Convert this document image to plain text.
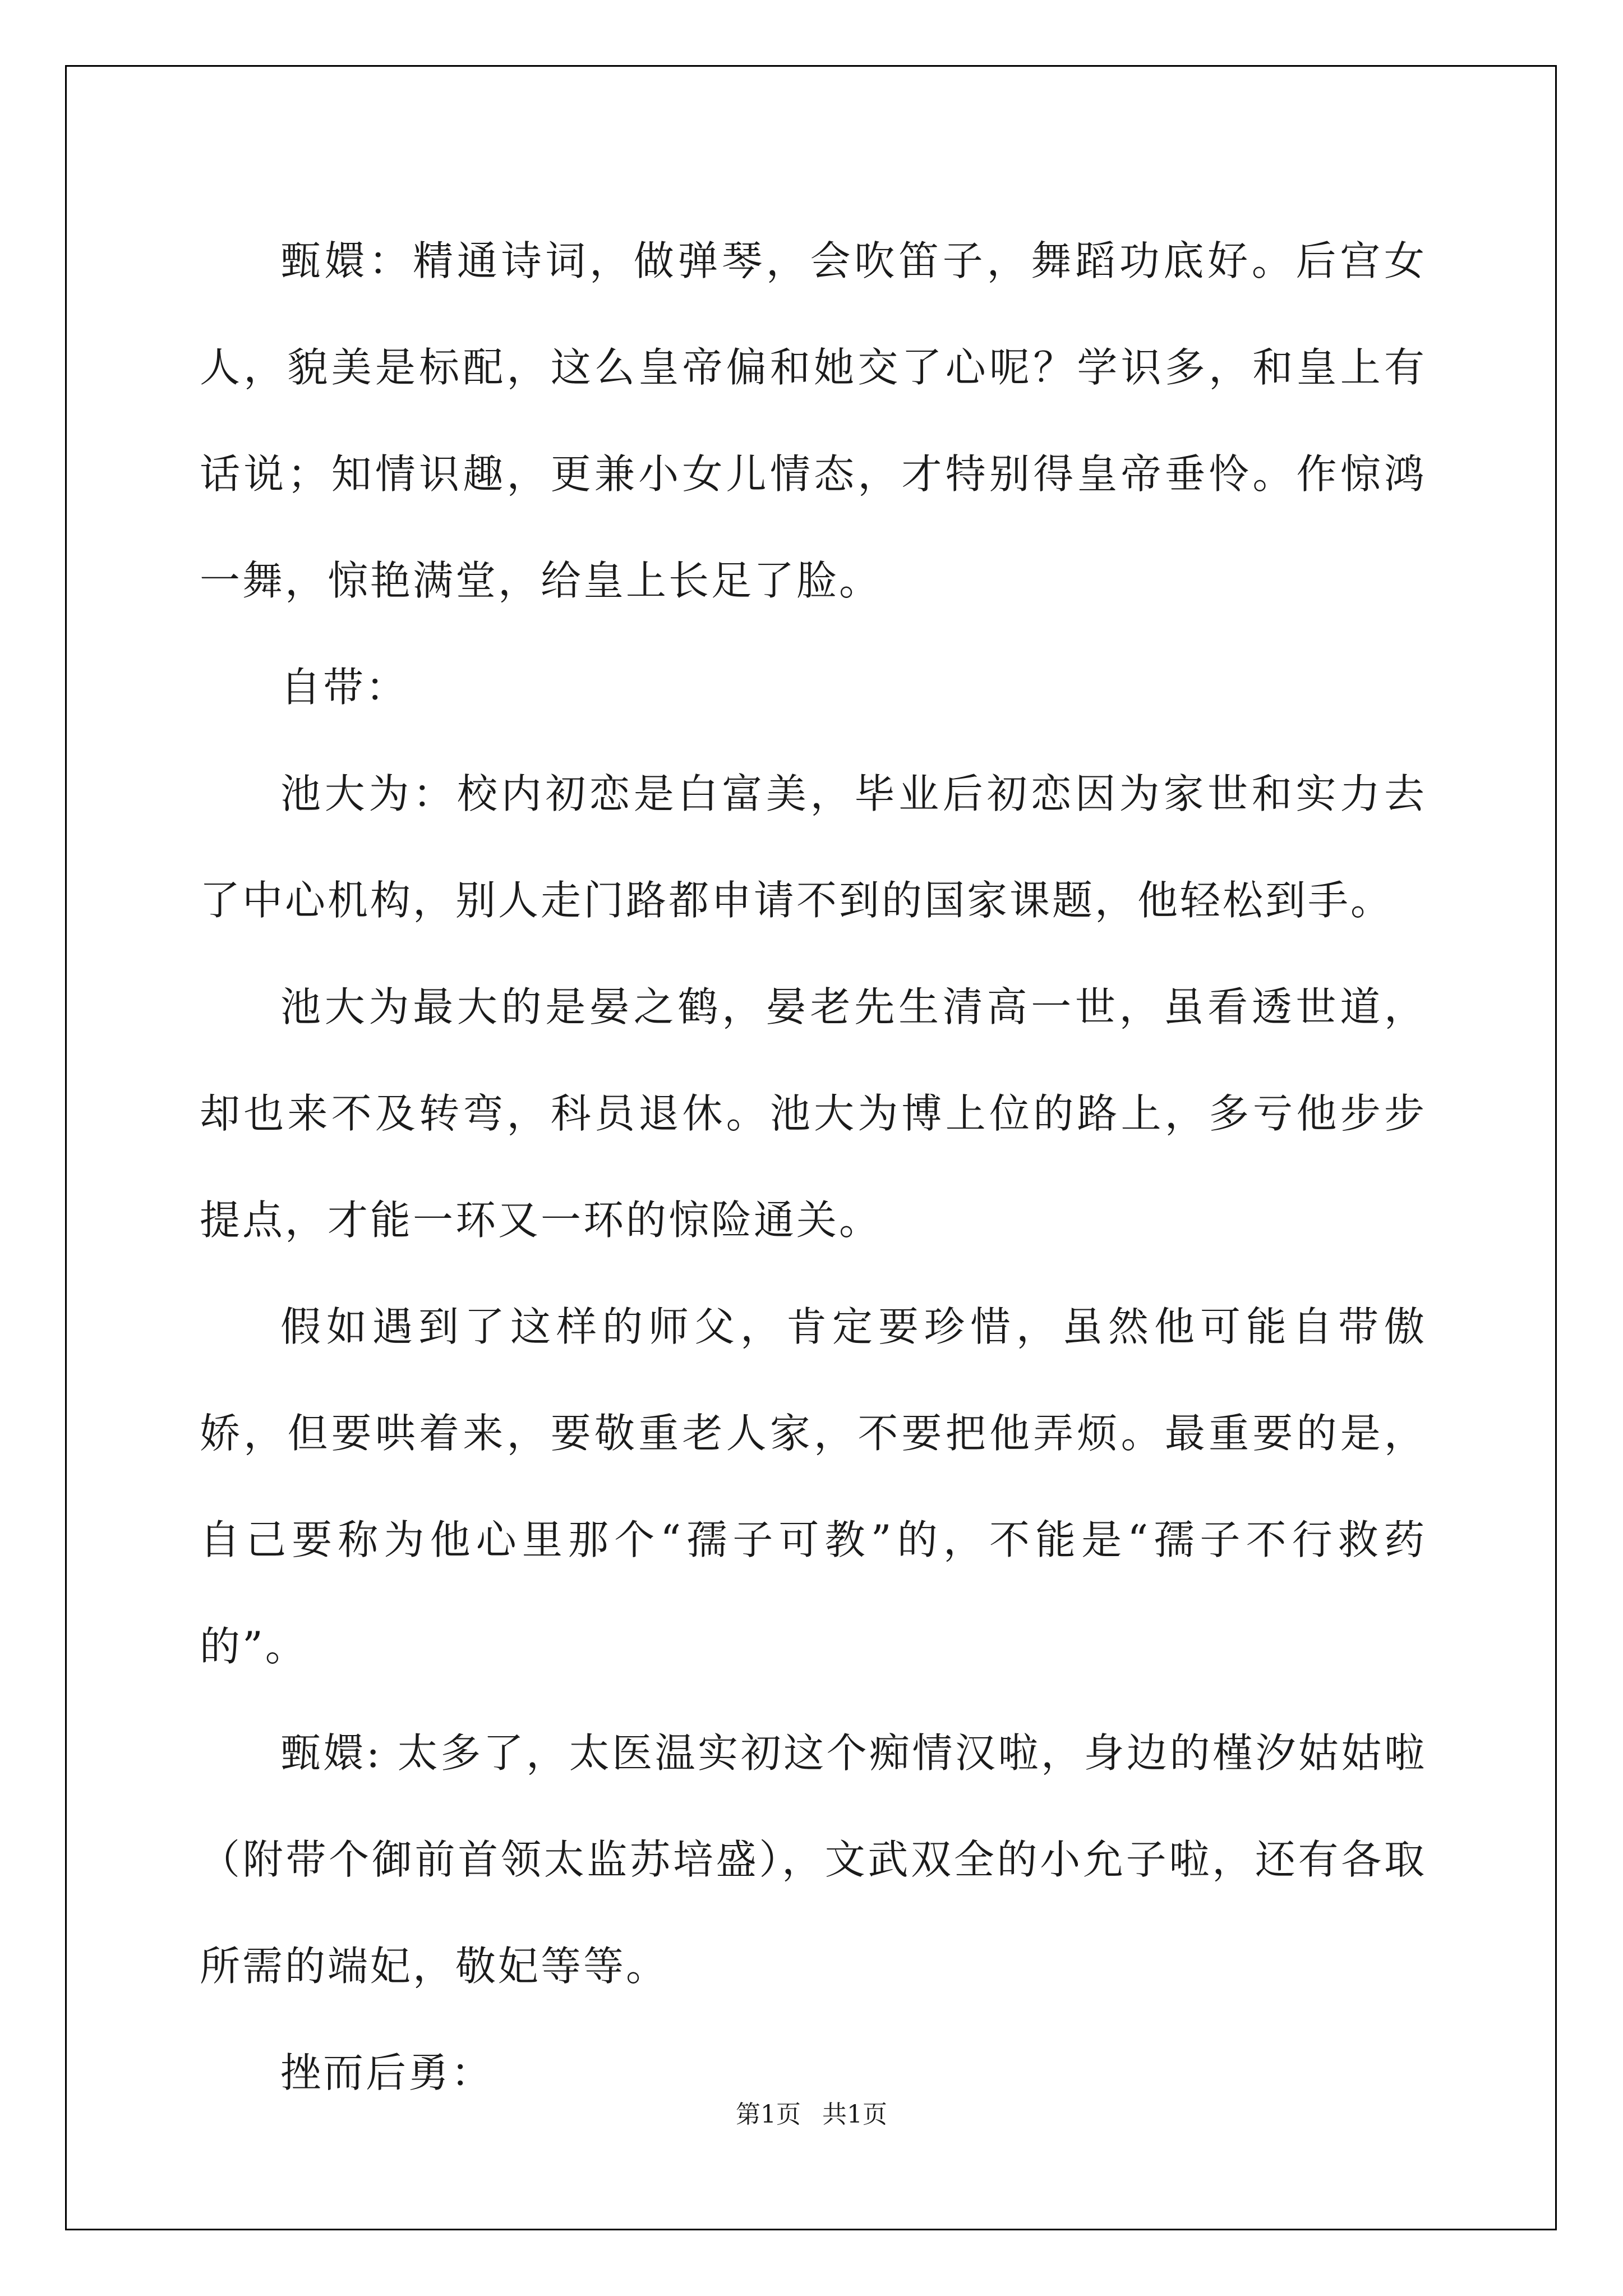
甄嬛：精通诗词，做弹琴，会吹笛子，舞蹈功底好。后宫女人，貌美是标配，这么皇帝偏和她交了心呢？学识多，和皇上有话说；知情识趣，更兼小女儿情态，才特别得皇帝垂怜。作惊鸿一舞，惊艳满堂，给皇上长足了脸。

自带：

池大为：校内初恋是白富美，毕业后初恋因为家世和实力去了中心机构，别人走门路都申请不到的国家课题，他轻松到手。

池大为最大的是晏之鹤，晏老先生清高一世，虽看透世道，却也来不及转弯，科员退休。池大为博上位的路上，多亏他步步提点，才能一环又一环的惊险通关。

假如遇到了这样的师父，肯定要珍惜，虽然他可能自带傲娇，但要哄着来，要敬重老人家，不要把他弄烦。最重要的是，自己要称为他心里那个“孺子可教”的，不能是“孺子不行救药的”。

甄嬛: 太多了，太医温实初这个痴情汉啦，身边的槿汐姑姑啦（附带个御前首领太监苏培盛），文武双全的小允子啦，还有各取所需的端妃，敬妃等等。

挫而后勇：

第1页 共1页
